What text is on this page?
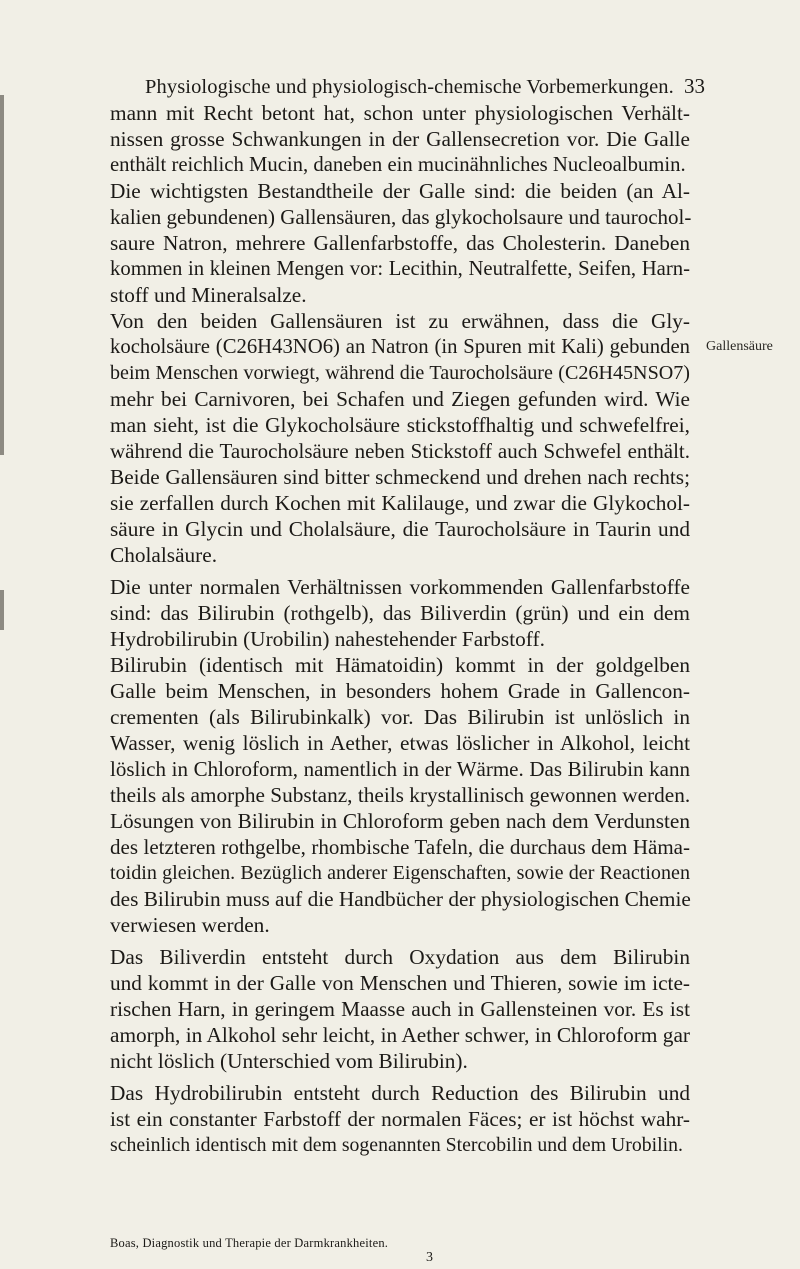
Physiologische und physiologisch-chemische Vorbemerkungen. 33
Gallensäure
mann mit Recht betont hat, schon unter physiologischen Verhält-
nissen grosse Schwankungen in der Gallensecretion vor. Die Galle
enthält reichlich Mucin, daneben ein mucinähnliches Nucleoalbumin.
Die wichtigsten Bestandtheile der Galle sind: die beiden (an Al-
kalien gebundenen) Gallensäuren, das glykocholsaure und taurochol-
saure Natron, mehrere Gallenfarbstoffe, das Cholesterin. Daneben
kommen in kleinen Mengen vor: Lecithin, Neutralfette, Seifen, Harn-
stoff und Mineralsalze.
Von den beiden Gallensäuren ist zu erwähnen, dass die Gly-
kocholsäure (C26H43NO6) an Natron (in Spuren mit Kali) gebunden
beim Menschen vorwiegt, während die Taurocholsäure (C26H45NSO7)
mehr bei Carnivoren, bei Schafen und Ziegen gefunden wird. Wie
man sieht, ist die Glykocholsäure stickstoffhaltig und schwefelfrei,
während die Taurocholsäure neben Stickstoff auch Schwefel enthält.
Beide Gallensäuren sind bitter schmeckend und drehen nach rechts;
sie zerfallen durch Kochen mit Kalilauge, und zwar die Glykochol-
säure in Glycin und Cholalsäure, die Taurocholsäure in Taurin und
Cholalsäure.
Die unter normalen Verhältnissen vorkommenden Gallenfarbstoffe
sind: das Bilirubin (rothgelb), das Biliverdin (grün) und ein dem
Hydrobilirubin (Urobilin) nahestehender Farbstoff.
Bilirubin (identisch mit Hämatoidin) kommt in der goldgelben
Galle beim Menschen, in besonders hohem Grade in Gallencon-
crementen (als Bilirubinkalk) vor. Das Bilirubin ist unlöslich in
Wasser, wenig löslich in Aether, etwas löslicher in Alkohol, leicht
löslich in Chloroform, namentlich in der Wärme. Das Bilirubin kann
theils als amorphe Substanz, theils krystallinisch gewonnen werden.
Lösungen von Bilirubin in Chloroform geben nach dem Verdunsten
des letzteren rothgelbe, rhombische Tafeln, die durchaus dem Häma-
toidin gleichen. Bezüglich anderer Eigenschaften, sowie der Reactionen
des Bilirubin muss auf die Handbücher der physiologischen Chemie
verwiesen werden.
Das Biliverdin entsteht durch Oxydation aus dem Bilirubin
und kommt in der Galle von Menschen und Thieren, sowie im icte-
rischen Harn, in geringem Maasse auch in Gallensteinen vor. Es ist
amorph, in Alkohol sehr leicht, in Aether schwer, in Chloroform gar
nicht löslich (Unterschied vom Bilirubin).
Das Hydrobilirubin entsteht durch Reduction des Bilirubin und
ist ein constanter Farbstoff der normalen Fäces; er ist höchst wahr-
scheinlich identisch mit dem sogenannten Stercobilin und dem Urobilin.
Boas, Diagnostik und Therapie der Darmkrankheiten.
3
